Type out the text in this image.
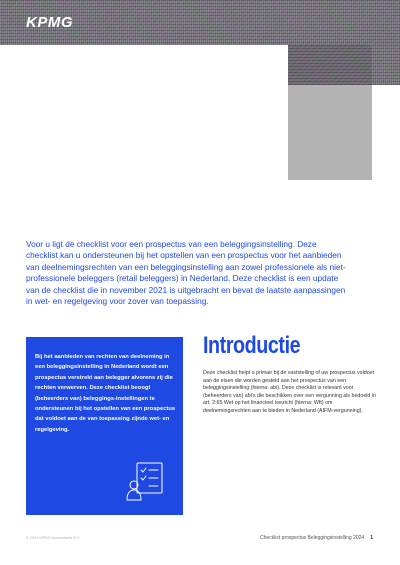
KPMG

Voor u ligt de checklist voor een prospectus van een beleggingsinstelling. Deze checklist kan u ondersteunen bij het opstellen van een prospectus voor het aanbieden van deelnemingsrechten van een beleggingsinstelling aan zowel professionele als niet-professionele beleggers (retail beleggers) in Nederland. Deze checklist is een update van de checklist die in november 2021 is uitgebracht en bevat de laatste aanpassingen in wet- en regelgeving voor zover van toepassing.

Bij het aanbieden van rechten van deelneming in een beleggingsinstelling in Nederland wordt een prospectus verstrekt aan belegger alvorens zij die rechten verwerven. Deze checklist beoogt (beheerders van) beleggings-instellingen te ondersteunen bij het opstellen van een prospectus dat voldoet aan de van toepassing zijnde wet- en regelgeving.

Introductie

Deze checklist helpt u primair bij de vaststelling of uw prospectus voldoet aan de eisen die worden gesteld aan het prospectus van een beleggingsinstelling (hierna: abi). Deze checklist is relevant voor (beheerders van) abi's die beschikken over een vergunning als bedoeld in art. 2:65 Wet op het financieel toezicht (hierna: Wft) om deelnemingsrechten aan te bieden in Nederland (AIFM-vergunning).

© 2024 KPMG Accountants N.V.	Checklist prospectus Beleggingsinstelling 2024 1
